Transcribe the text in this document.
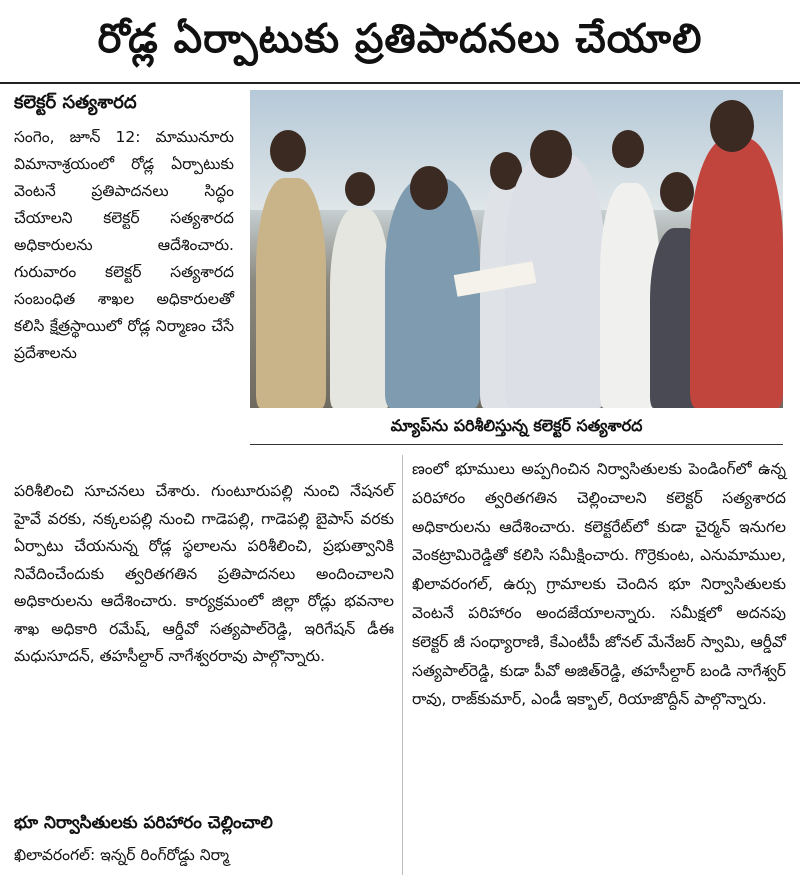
రోడ్ల ఏర్పాటుకు ప్రతిపాదనలు చేయాలి
కలెక్టర్ సత్యశారద

సంగెం, జూన్ 12: మామునూరు విమానాశ్రయంలో రోడ్ల ఏర్పాటుకు వెంటనే ప్రతిపాదనలు సిద్ధం చేయాలని కలెక్టర్ సత్యశారద అధికారులను ఆదేశించారు. గురువారం కలెక్టర్ సత్యశారద సంబంధిత శాఖల అధికారులతో కలిసి క్షేత్రస్థాయిలో రోడ్ల నిర్మాణం చేసే ప్రదేశాలను

మ్యాప్‌ను పరిశీలిస్తున్న కలెక్టర్ సత్యశారద

పరిశీలించి సూచనలు చేశారు. గుంటూరుపల్లి నుంచి నేషనల్ హైవే వరకు, నక్కలపల్లి నుంచి గాడెపల్లి, గాడెపల్లి బైపాస్ వరకు ఏర్పాటు చేయనున్న రోడ్ల స్థలాలను పరిశీలించి, ప్రభుత్వానికి నివేదించేందుకు త్వరితగతిన ప్రతిపాదనలు అందించాలని అధికారులను ఆదేశించారు. కార్యక్రమంలో జిల్లా రోడ్లు భవనాల శాఖ అధికారి రమేష్, ఆర్డీవో సత్యపాల్‌రెడ్డి, ఇరిగేషన్ డీఈ మధుసూదన్, తహసీల్దార్ నాగేశ్వరరావు పాల్గొన్నారు.

భూ నిర్వాసితులకు పరిహారం చెల్లించాలి
ఖిలావరంగల్: ఇన్నర్ రింగ్‌రోడ్డు నిర్మా

ణంలో భూములు అప్పగించిన నిర్వాసితులకు పెండింగ్‌లో ఉన్న పరిహారం త్వరితగతిన చెల్లించాలని కలెక్టర్ సత్యశారద అధికారులను ఆదేశించారు. కలెక్టరేట్‌లో కుడా చైర్మన్ ఇనుగల వెంకట్రామిరెడ్డితో కలిసి సమీక్షించారు. గొర్రెకుంట, ఎనుమాముల, ఖిలావరంగల్, ఉర్సు గ్రామాలకు చెందిన భూ నిర్వాసితులకు వెంటనే పరిహారం అందజేయాలన్నారు. సమీక్షలో అదనపు కలెక్టర్ జీ సంధ్యారాణి, కేఎంటీపీ జోనల్ మేనేజర్ స్వామి, ఆర్డీవో సత్యపాల్‌రెడ్డి, కుడా పీవో అజిత్‌రెడ్డి, తహసీల్దార్ బండి నాగేశ్వర్ రావు, రాజ్‌కుమార్, ఎండీ ఇక్బాల్, రియాజొద్దీన్ పాల్గొన్నారు.
